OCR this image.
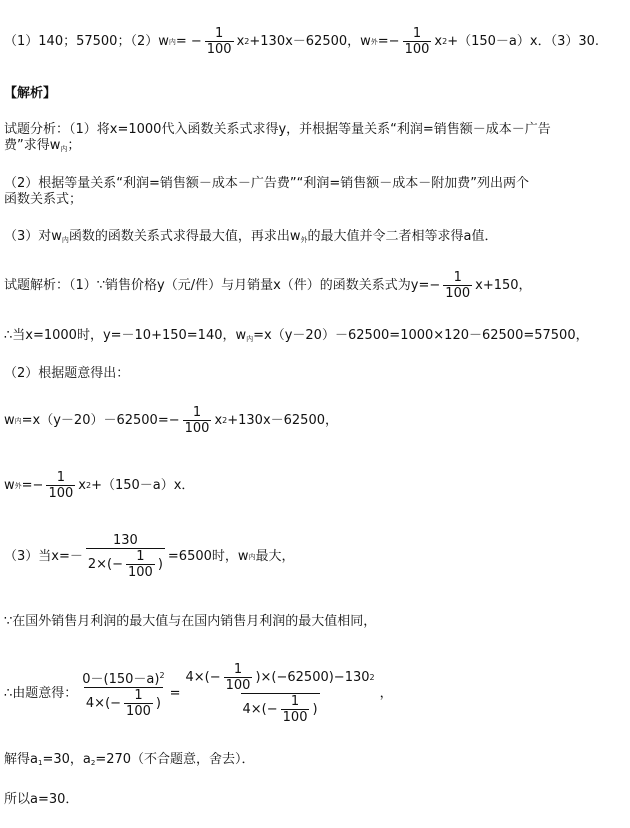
（1）140；57500；（2）w 内 = − $\frac{1}{100}$ x 2 +130x－62500，w 外 =− $\frac{1}{100}$ x 2 +（150－a）x．（3）30.
【解析】
试题分析：（1）将x=1000代入函数关系式求得y，并根据等量关系“利润=销售额－成本－广告
费”求得$w_内$；
（2）根据等量关系“利润=销售额－成本－广告费”“利润=销售额－成本－附加费”列出两个
函数关系式；
（3）对$w_内$函数的函数关系式求得最大值，再求出$w_外$的最大值并令二者相等求得a值．
试题解析：（1）∵销售价格y（元/件）与月销量x（件）的函数关系式为$y=- \frac{1}{100} x+150$，
∴当x=1000时，y=－10+150=140，$w_内=x(y-20)-62500=1000\times 120-62500=57500$，
（2）根据题意得出：
w 内 $=x(y-20)-62500=- \frac{1}{100}$ x 2 +130x－62500，
w 外 =− $\frac{1}{100}$ x 2 +（150－a）x．
（3）当$x=- \frac{130}{2\times(- \frac{1}{100} )} =6500$时，w 内 最大，
∵在国外销售月利润的最大值与在国内销售月利润的最大值相同，
∴由题意得： $\frac{0-(150-a)^2}{4\times(- \frac{1}{100} )}$ =
$4\times(- \frac{1}{100} )\times(-62500)-130$ 2
$4\times(- \frac{1}{100}$ )
，
解得$a_1=30$，$a_2=270$（不合题意，舍去）．
所以a=30．
